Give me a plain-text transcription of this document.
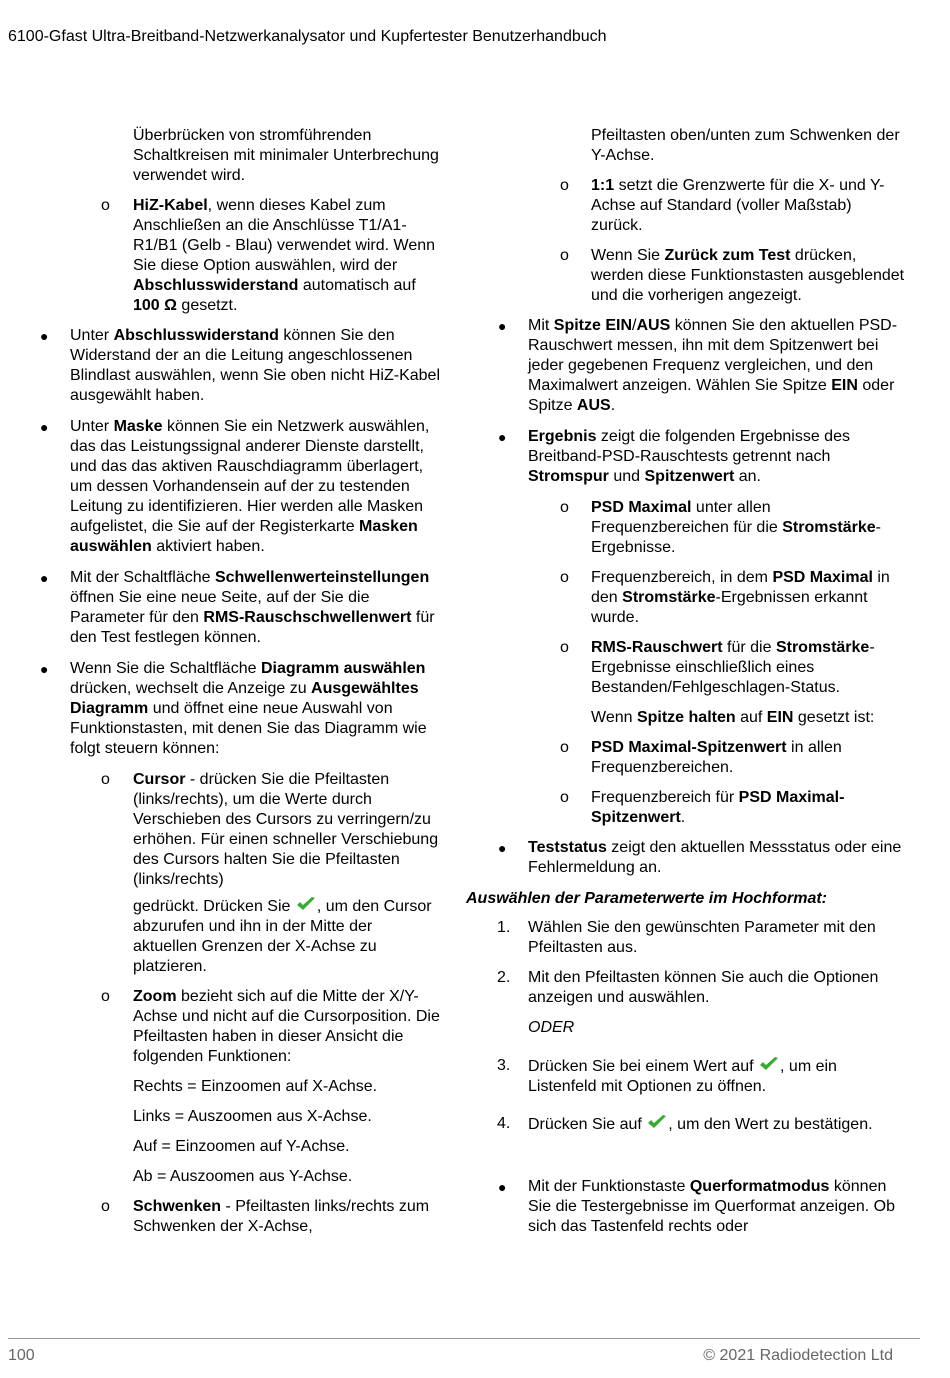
6100-Gfast Ultra-Breitband-Netzwerkanalysator und Kupfertester Benutzerhandbuch
Überbrücken von stromführenden Schaltkreisen mit minimaler Unterbrechung verwendet wird.
o HiZ-Kabel, wenn dieses Kabel zum Anschließen an die Anschlüsse T1/A1-R1/B1 (Gelb - Blau) verwendet wird. Wenn Sie diese Option auswählen, wird der Abschlusswiderstand automatisch auf 100 Ω gesetzt.
● Unter Abschlusswiderstand können Sie den Widerstand der an die Leitung angeschlossenen Blindlast auswählen, wenn Sie oben nicht HiZ-Kabel ausgewählt haben.
● Unter Maske können Sie ein Netzwerk auswählen, das das Leistungssignal anderer Dienste darstellt, und das das aktiven Rauschdiagramm überlagert, um dessen Vorhandensein auf der zu testenden Leitung zu identifizieren. Hier werden alle Masken aufgelistet, die Sie auf der Registerkarte Masken auswählen aktiviert haben.
● Mit der Schaltfläche Schwellenwerteinstellungen öffnen Sie eine neue Seite, auf der Sie die Parameter für den RMS-Rauschschwellenwert für den Test festlegen können.
● Wenn Sie die Schaltfläche Diagramm auswählen drücken, wechselt die Anzeige zu Ausgewähltes Diagramm und öffnet eine neue Auswahl von Funktionstasten, mit denen Sie das Diagramm wie folgt steuern können:
o Cursor - drücken Sie die Pfeiltasten (links/rechts), um die Werte durch Verschieben des Cursors zu verringern/zu erhöhen. Für einen schneller Verschiebung des Cursors halten Sie die Pfeiltasten (links/rechts)
gedrückt. Drücken Sie , um den Cursor abzurufen und ihn in der Mitte der aktuellen Grenzen der X-Achse zu platzieren.
o Zoom bezieht sich auf die Mitte der X/Y-Achse und nicht auf die Cursorposition. Die Pfeiltasten haben in dieser Ansicht die folgenden Funktionen:
Rechts = Einzoomen auf X-Achse.
Links = Auszoomen aus X-Achse.
Auf = Einzoomen auf Y-Achse.
Ab = Auszoomen aus Y-Achse.
o Schwenken - Pfeiltasten links/rechts zum Schwenken der X-Achse,
Pfeiltasten oben/unten zum Schwenken der Y-Achse.
o 1:1 setzt die Grenzwerte für die X- und Y-Achse auf Standard (voller Maßstab) zurück.
o Wenn Sie Zurück zum Test drücken, werden diese Funktionstasten ausgeblendet und die vorherigen angezeigt.
● Mit Spitze EIN/AUS können Sie den aktuellen PSD-Rauschwert messen, ihn mit dem Spitzenwert bei jeder gegebenen Frequenz vergleichen, und den Maximalwert anzeigen. Wählen Sie Spitze EIN oder Spitze AUS.
● Ergebnis zeigt die folgenden Ergebnisse des Breitband-PSD-Rauschtests getrennt nach Stromspur und Spitzenwert an.
o PSD Maximal unter allen Frequenzbereichen für die Stromstärke-Ergebnisse.
o Frequenzbereich, in dem PSD Maximal in den Stromstärke-Ergebnissen erkannt wurde.
o RMS-Rauschwert für die Stromstärke-Ergebnisse einschließlich eines Bestanden/Fehlgeschlagen-Status.
Wenn Spitze halten auf EIN gesetzt ist:
o PSD Maximal-Spitzenwert in allen Frequenzbereichen.
o Frequenzbereich für PSD Maximal-Spitzenwert.
● Teststatus zeigt den aktuellen Messstatus oder eine Fehlermeldung an.
Auswählen der Parameterwerte im Hochformat:
1. Wählen Sie den gewünschten Parameter mit den Pfeiltasten aus.
2. Mit den Pfeiltasten können Sie auch die Optionen anzeigen und auswählen.
ODER
3. Drücken Sie bei einem Wert auf , um ein Listenfeld mit Optionen zu öffnen.
4. Drücken Sie auf , um den Wert zu bestätigen.
● Mit der Funktionstaste Querformatmodus können Sie die Testergebnisse im Querformat anzeigen. Ob sich das Tastenfeld rechts oder
100	© 2021 Radiodetection Ltd
